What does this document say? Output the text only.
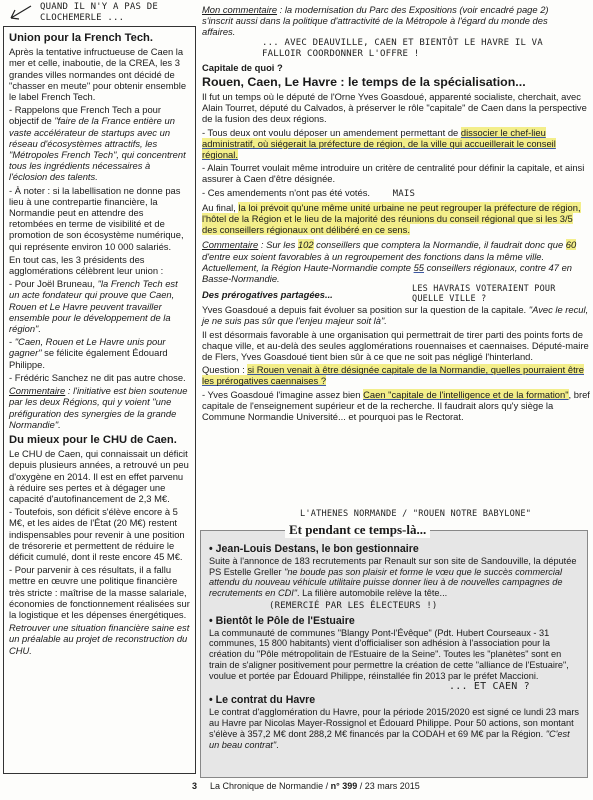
QUAND IL N'Y A PAS DE CLOCHEMERLE ...
Union pour la French Tech.

Après la tentative infructueuse de Caen la mer et celle, inaboutie, de la CREA, les 3 grandes villes normandes ont décidé de "chasser en meute" pour obtenir ensemble le label French Tech.

- Rappelons que French Tech a pour objectif de "faire de la France entière un vaste accélérateur de startups avec un réseau d'écosystèmes attractifs, les "Métropoles French Tech", qui concentrent tous les ingrédients nécessaires à l'éclosion des talents.

- À noter : si la labellisation ne donne pas lieu à une contrepartie financière, la Normandie peut en attendre des retombées en terme de visibilité et de promotion de son écosystème numérique, qui représente environ 10 000 salariés.

En tout cas, les 3 présidents des agglomérations célèbrent leur union :

- Pour Joël Bruneau, "la French Tech est un acte fondateur qui prouve que Caen, Rouen et Le Havre peuvent travailler ensemble pour le développement de la région".

- "Caen, Rouen et Le Havre unis pour gagner" se félicite également Édouard Philippe.

- Frédéric Sanchez ne dit pas autre chose.

Commentaire : l'initiative est bien soutenue par les deux Régions, qui y voient "une préfiguration des synergies de la grande Normandie".

Du mieux pour le CHU de Caen.

Le CHU de Caen, qui connaissait un déficit depuis plusieurs années, a retrouvé un peu d'oxygène en 2014. Il est en effet parvenu à réduire ses pertes et à dégager une capacité d'autofinancement de 2,3 M€.

- Toutefois, son déficit s'élève encore à 5 M€, et les aides de l'État (20 M€) restent indispensables pour revenir à une position de trésorerie et permettent de réduire le déficit cumulé, dont il reste encore 45 M€.

- Pour parvenir à ces résultats, il a fallu mettre en œuvre une politique financière très stricte : maîtrise de la masse salariale, économies de fonctionnement réalisées sur la logistique et les dépenses énergétiques.

Retrouver une situation financière saine est un préalable au projet de reconstruction du CHU.

Mon commentaire : la modernisation du Parc des Expositions (voir encadré page 2) s'inscrit aussi dans la politique d'attractivité de la Métropole à l'égard du monde des affaires.

... AVEC DEAUVILLE, CAEN ET BIENTÔT LE HAVRE IL VA FALLOIR COORDONNER L'OFFRE !

Capitale de quoi ?

Rouen, Caen, Le Havre : le temps de la spécialisation...

Il fut un temps où le député de l'Orne Yves Goasdoué, apparenté socialiste, cherchait, avec Alain Tourret, député du Calvados, à préserver le rôle "capitale" de Caen dans la perspective de la fusion des deux régions.

- Tous deux ont voulu déposer un amendement permettant de dissocier le chef-lieu administratif, où siégerait la préfecture de région, de la ville qui accueillerait le conseil régional.

- Alain Tourret voulait même introduire un critère de centralité pour définir la capitale, et ainsi assurer à Caen d'être désignée.

- Ces amendements n'ont pas été votés.	MAIS

Au final, la loi prévoit qu'une même unité urbaine ne peut regrouper la préfecture de région, l'hôtel de la Région et le lieu de la majorité des réunions du conseil régional que si les 3/5 des conseillers régionaux ont délibéré en ce sens.

Commentaire : Sur les 102 conseillers que comptera la Normandie, il faudrait donc que 60 d'entre eux soient favorables à un regroupement des fonctions dans la même ville. Actuellement, la Région Haute-Normandie compte 55 conseillers régionaux, contre 47 en Basse-Normandie.

Des prérogatives partagées...	LES HAVRAIS VOTERAIENT POUR QUELLE VILLE ?

Yves Goasdoué a depuis fait évoluer sa position sur la question de la capitale. "Avec le recul, je ne suis pas sûr que l'enjeu majeur soit là".

Il est désormais favorable à une organisation qui permettrait de tirer parti des points forts de chaque ville, et au-delà des seules agglomérations rouennaises et caennaises. Député-maire de Flers, Yves Goasdoué tient bien sûr à ce que ne soit pas négligé l'hinterland.

Question : si Rouen venait à être désignée capitale de la Normandie, quelles pourraient être les prérogatives caennaises ?

- Yves Goasdoué l'imagine assez bien Caen "capitale de l'intelligence et de la formation", bref capitale de l'enseignement supérieur et de la recherche. Il faudrait alors qu'y siège la Commune Normandie Université... et pourquoi pas le Rectorat.

L'ATHENES NORMANDE / "ROUEN NOTRE BABYLONE"
Et pendant ce temps-là...
• Jean-Louis Destans, le bon gestionnaire

Suite à l'annonce de 183 recrutements par Renault sur son site de Sandouville, la députée PS Estelle Greller "ne boude pas son plaisir et forme le vœu que le succès commercial attendu du nouveau véhicule utilitaire puisse donner lieu à de nouvelles campagnes de recrutements en CDI". La filière automobile relève la tête...

(REMERCIÉ PAR LES ÉLECTEURS !)
• Bientôt le Pôle de l'Estuaire

La communauté de communes "Blangy Pont-l'Évêque" (Pdt. Hubert Courseaux - 31 communes, 15 800 habitants) vient d'officialiser son adhésion à l'association pour la création du "Pôle métropolitain de l'Estuaire de la Seine". Toutes les "planètes" sont en train de s'aligner positivement pour permettre la création de cette "alliance de l'Estuaire", voulue et portée par Édouard Philippe, réinstallée fin 2013 par le préfet Maccioni.

... ET CAEN ?
• Le contrat du Havre

Le contrat d'agglomération du Havre, pour la période 2015/2020 est signé ce lundi 23 mars au Havre par Nicolas Mayer-Rossignol et Édouard Philippe. Pour 50 actions, son montant s'élève à 357,2 M€ dont 288,2 M€ financés par la CODAH et 69 M€ par la Région. "C'est un beau contrat".

3 La Chronique de Normandie / n° 399 / 23 mars 2015
